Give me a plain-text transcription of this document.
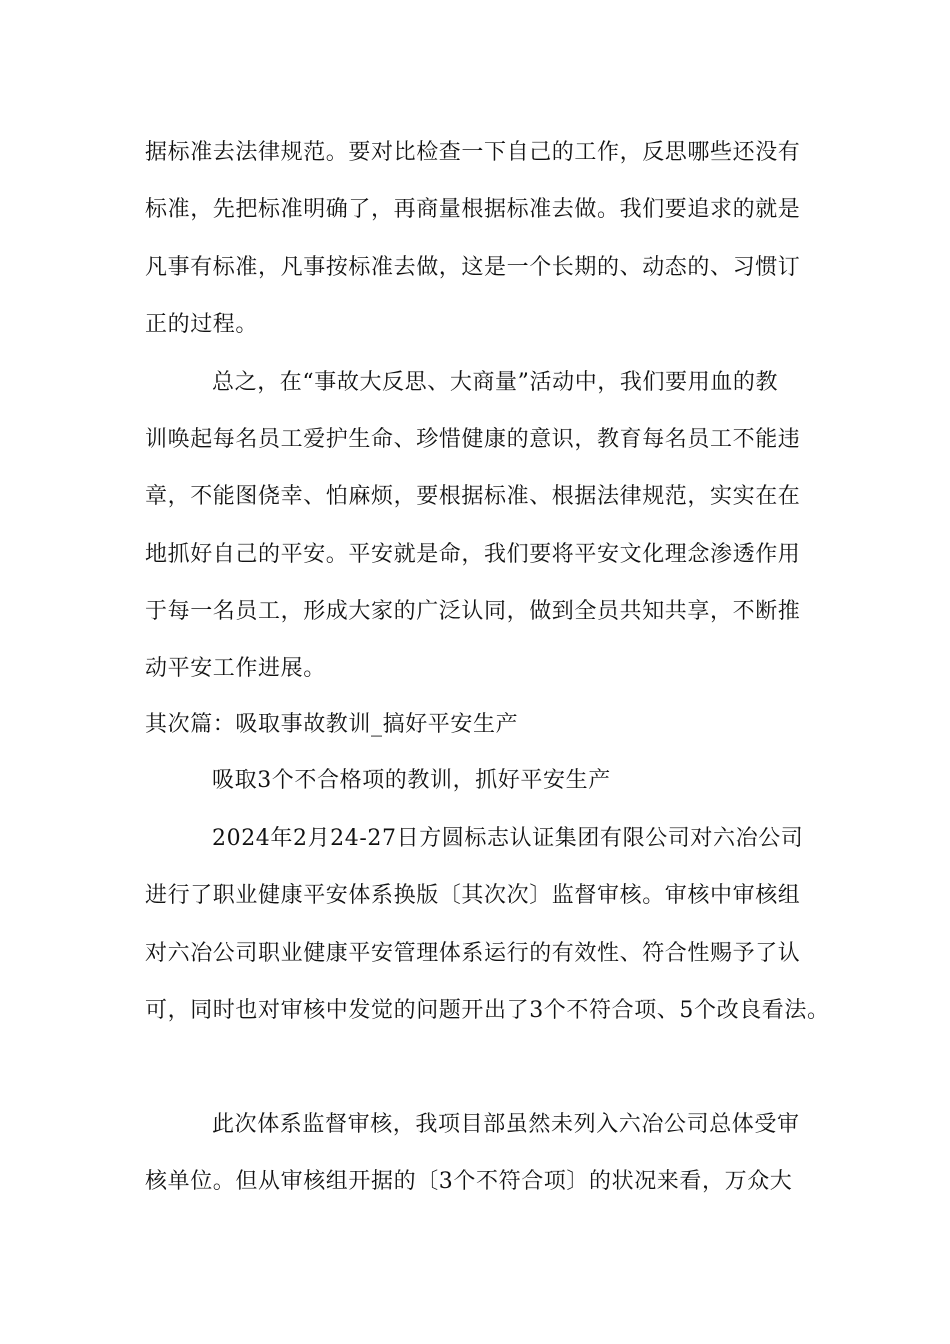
据标准去法律规范。要对比检查一下自己的工作，反思哪些还没有
标准，先把标准明确了，再商量根据标准去做。我们要追求的就是
凡事有标准，凡事按标准去做，这是一个长期的、动态的、习惯订
正的过程。
总之，在“事故大反思、大商量”活动中，我们要用血的教
训唤起每名员工爱护生命、珍惜健康的意识，教育每名员工不能违
章，不能图侥幸、怕麻烦，要根据标准、根据法律规范，实实在在
地抓好自己的平安。平安就是命，我们要将平安文化理念渗透作用
于每一名员工，形成大家的广泛认同，做到全员共知共享，不断推
动平安工作进展。
其次篇：吸取事故教训_搞好平安生产
吸取3个不合格项的教训，抓好平安生产
2024年2月24-27日方圆标志认证集团有限公司对六冶公司
进行了职业健康平安体系换版〔其次次〕监督审核。审核中审核组
对六冶公司职业健康平安管理体系运行的有效性、符合性赐予了认
可，同时也对审核中发觉的问题开出了3个不符合项、5个改良看法。
此次体系监督审核，我项目部虽然未列入六冶公司总体受审
核单位。但从审核组开据的〔3个不符合项〕的状况来看，万众大
